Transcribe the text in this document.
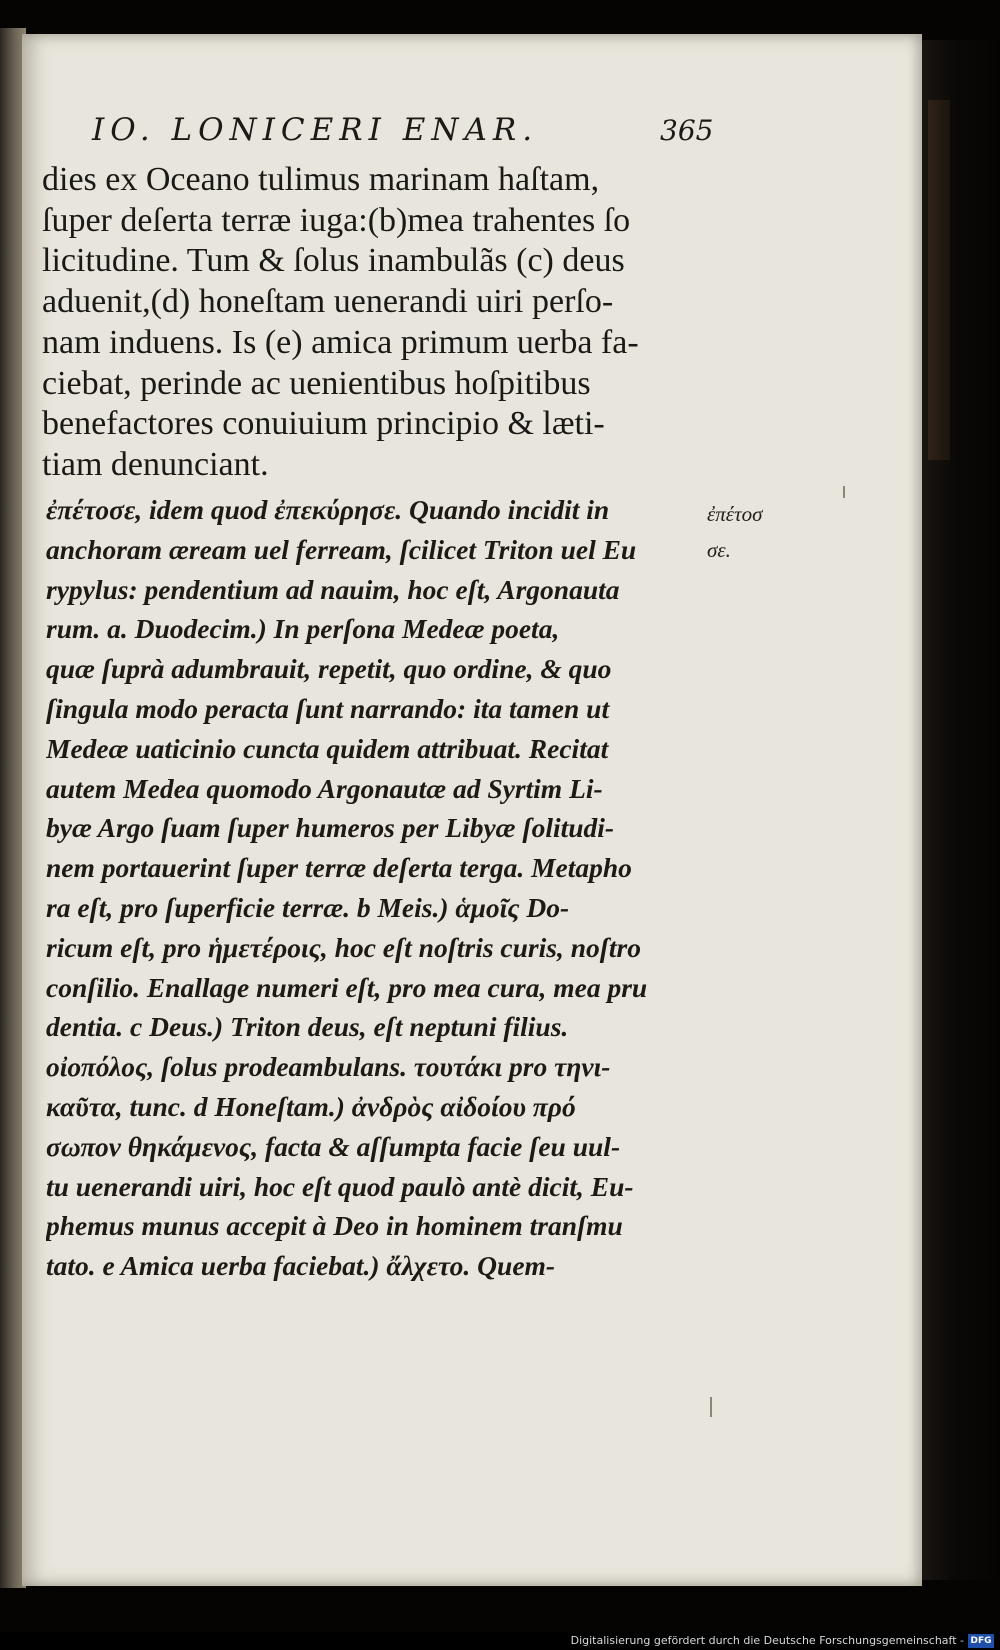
IO. LONICERI ENAR.	365
dies ex Oceano tulimus marinam haſtam,
ſuper deſerta terræ iuga:(b)mea trahentes ſo
licitudine. Tum & ſolus inambulãs (c) deus
aduenit,(d) honeſtam uenerandi uiri perſo-
nam induens. Is (e) amica primum uerba fa-
ciebat, perinde ac uenientibus hoſpitibus
benefactores conuiuium principio & læti-
tiam denunciant.
ἐπέτοσε, idem quod ἐπεκύρησε. Quando incidit in
anchoram æream uel ferream, ſcilicet Triton uel Eu
rypylus: pendentium ad nauim, hoc eſt, Argonauta
rum. a. Duodecim.) In perſona Medeæ poeta,
quæ ſuprà adumbrauit, repetit, quo ordine, & quo
ſingula modo peracta ſunt narrando: ita tamen ut
Medeæ uaticinio cuncta quidem attribuat. Recitat
autem Medea quomodo Argonautæ ad Syrtim Li-
byæ Argo ſuam ſuper humeros per Libyæ ſolitudi-
nem portauerint ſuper terræ deſerta terga. Metapho
ra eſt, pro ſuperficie terræ. b Meis.) ἁμοῖς Do-
ricum eſt, pro ἡμετέροις, hoc eſt noſtris curis, noſtro
conſilio. Enallage numeri eſt, pro mea cura, mea pru
dentia. c Deus.) Triton deus, eſt neptuni filius.
οἰοπόλος, ſolus prodeambulans. τουτάκι pro τηνι-
καῦτα, tunc. d Honeſtam.) ἀνδρὸς αἰδοίου πρό
σωπον θηκάμενος, facta & aſſumpta facie ſeu uul-
tu uenerandi uiri, hoc eſt quod paulò antè dicit, Eu-
phemus munus accepit à Deo in hominem tranſmu
tato. e Amica uerba faciebat.) ἄλχετο. Quem-
ἐπέτοσ
σε.
Digitalisierung gefördert durch die Deutsche Forschungsgemeinschaft - DFG
